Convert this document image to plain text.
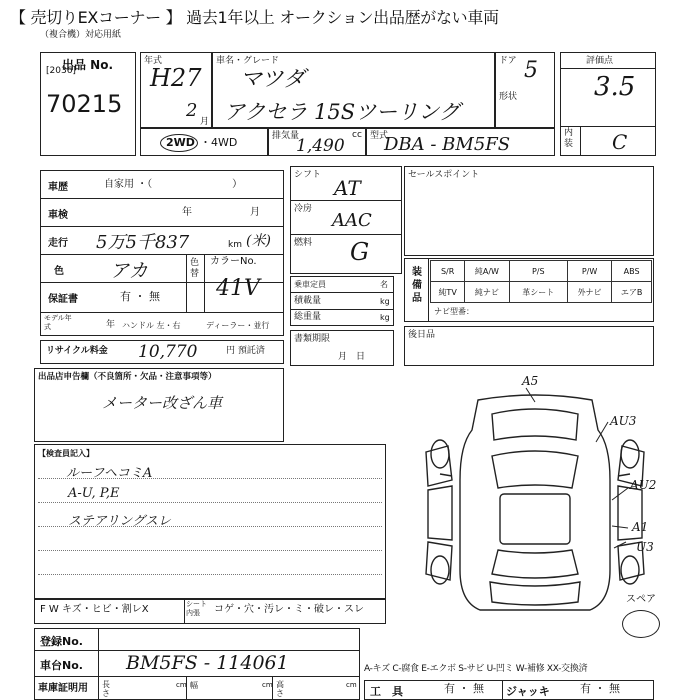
【 売切りEXコーナー 】 過去1年以上 オークション出品歴がない車両
（複合機）対応用紙
出品 No.
[2036]
70215
年式
H27
2
月
車名・グレード
マツダ
アクセラ 15Sツーリング
ドア 5
形状
評価点
3.5
内装 C
2WD ・4WD	排気量	cc
1,490	型式
DBA - BM5FS
車歴	自家用 ・（　　　　　　　　）
車検	年	月
走行 5万5千837	km (米)
色 アカ	色替
カラーNo.
41V
保証書	有 ・ 無
モデル年式	年 ハンドル 左・右	ディーラー・並行
リサイクル料金 10,770	円 預託済
シフト
AT
冷房
AAC
燃料 G
乗車定員	名
積載量	kg
総重量	kg
書類期限
月　日
セールスポイント
装備品
S/R	純A/W	P/S	P/W	ABS
純TV	純ナビ	革シート	外ナビ	エアB
ナビ型番：
後日品
出品店申告欄（不良箇所・欠品・注意事項等）
メーター改ざん車
【検査員記入】
ルーフヘコミA
A-U, P,E
ステアリングスレ
A5
AU3
AU2
A1
U3
スペア
F W キズ・ヒビ・割レX	シート内張	コゲ・穴・汚レ・ミ・破レ・スレ
登録No.
車台No. BM5FS - 114061
車庫証明用 長さ
cm 幅	cm 高さ
cm
A-キズ C-腐食 E-エクボ S-サビ U-凹ミ W-補修 XX-交換済
工　具	有 ・ 無 ジャッキ	有 ・ 無
